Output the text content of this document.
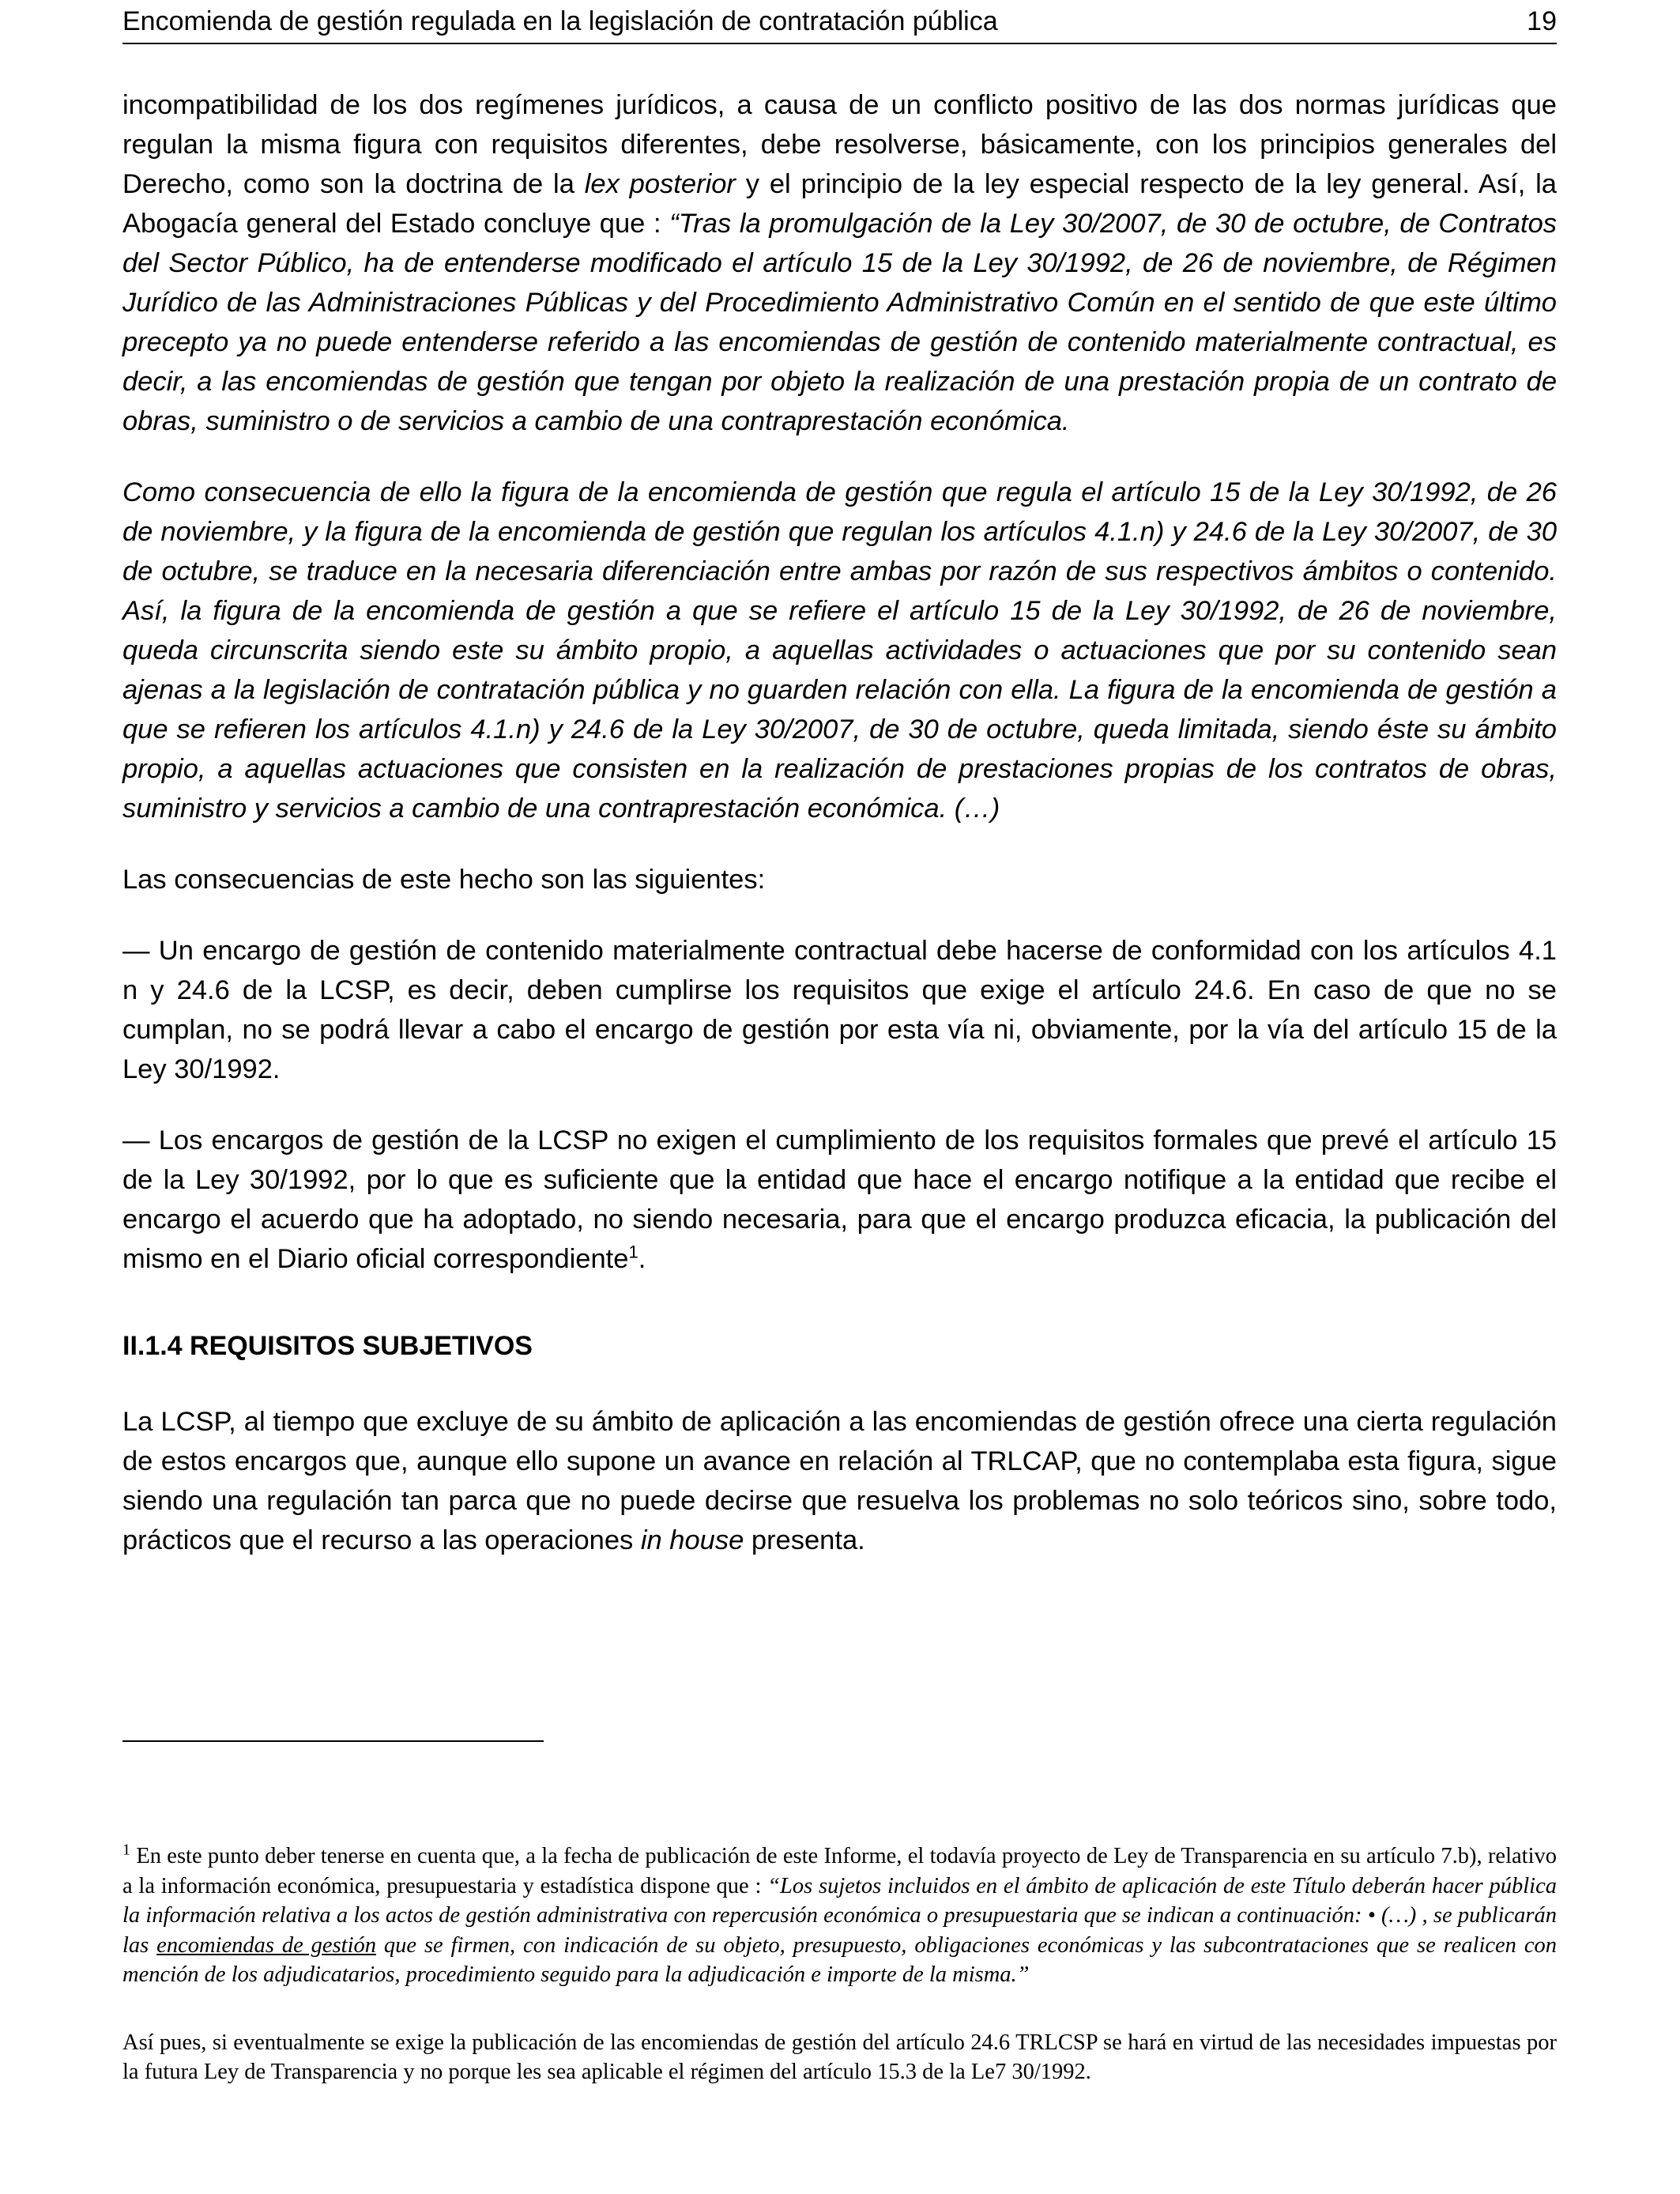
Encomienda de gestión regulada en la legislación de contratación pública	19

incompatibilidad de los dos regímenes jurídicos, a causa de un conflicto positivo de las dos normas jurídicas que regulan la misma figura con requisitos diferentes, debe resolverse, básicamente, con los principios generales del Derecho, como son la doctrina de la lex posterior y el principio de la ley especial respecto de la ley general. Así, la Abogacía general del Estado concluye que : “Tras la promulgación de la Ley 30/2007, de 30 de octubre, de Contratos del Sector Público, ha de entenderse modificado el artículo 15 de la Ley 30/1992, de 26 de noviembre, de Régimen Jurídico de las Administraciones Públicas y del Procedimiento Administrativo Común en el sentido de que este último precepto ya no puede entenderse referido a las encomiendas de gestión de contenido materialmente contractual, es decir, a las encomiendas de gestión que tengan por objeto la realización de una prestación propia de un contrato de obras, suministro o de servicios a cambio de una contraprestación económica.

Como consecuencia de ello la figura de la encomienda de gestión que regula el artículo 15 de la Ley 30/1992, de 26 de noviembre, y la figura de la encomienda de gestión que regulan los artículos 4.1.n) y 24.6 de la Ley 30/2007, de 30 de octubre, se traduce en la necesaria diferenciación entre ambas por razón de sus respectivos ámbitos o contenido. Así, la figura de la encomienda de gestión a que se refiere el artículo 15 de la Ley 30/1992, de 26 de noviembre, queda circunscrita siendo este su ámbito propio, a aquellas actividades o actuaciones que por su contenido sean ajenas a la legislación de contratación pública y no guarden relación con ella. La figura de la encomienda de gestión a que se refieren los artículos 4.1.n) y 24.6 de la Ley 30/2007, de 30 de octubre, queda limitada, siendo éste su ámbito propio, a aquellas actuaciones que consisten en la realización de prestaciones propias de los contratos de obras, suministro y servicios a cambio de una contraprestación económica. (…)

Las consecuencias de este hecho son las siguientes:

— Un encargo de gestión de contenido materialmente contractual debe hacerse de conformidad con los artículos 4.1 n y 24.6 de la LCSP, es decir, deben cumplirse los requisitos que exige el artículo 24.6. En caso de que no se cumplan, no se podrá llevar a cabo el encargo de gestión por esta vía ni, obviamente, por la vía del artículo 15 de la Ley 30/1992.

— Los encargos de gestión de la LCSP no exigen el cumplimiento de los requisitos formales que prevé el artículo 15 de la Ley 30/1992, por lo que es suficiente que la entidad que hace el encargo notifique a la entidad que recibe el encargo el acuerdo que ha adoptado, no siendo necesaria, para que el encargo produzca eficacia, la publicación del mismo en el Diario oficial correspondiente$^1$.

II.1.4 REQUISITOS SUBJETIVOS

La LCSP, al tiempo que excluye de su ámbito de aplicación a las encomiendas de gestión ofrece una cierta regulación de estos encargos que, aunque ello supone un avance en relación al TRLCAP, que no contemplaba esta figura, sigue siendo una regulación tan parca que no puede decirse que resuelva los problemas no solo teóricos sino, sobre todo, prácticos que el recurso a las operaciones in house presenta.

$^1$ En este punto deber tenerse en cuenta que, a la fecha de publicación de este Informe, el todavía proyecto de Ley de Transparencia en su artículo 7.b), relativo a la información económica, presupuestaria y estadística dispone que : “Los sujetos incluidos en el ámbito de aplicación de este Título deberán hacer pública la información relativa a los actos de gestión administrativa con repercusión económica o presupuestaria que se indican a continuación: • (…) , se publicarán las encomiendas de gestión que se firmen, con indicación de su objeto, presupuesto, obligaciones económicas y las subcontrataciones que se realicen con mención de los adjudicatarios, procedimiento seguido para la adjudicación e importe de la misma.”

Así pues, si eventualmente se exige la publicación de las encomiendas de gestión del artículo 24.6 TRLCSP se hará en virtud de las necesidades impuestas por la futura Ley de Transparencia y no porque les sea aplicable el régimen del artículo 15.3 de la Le7 30/1992.
